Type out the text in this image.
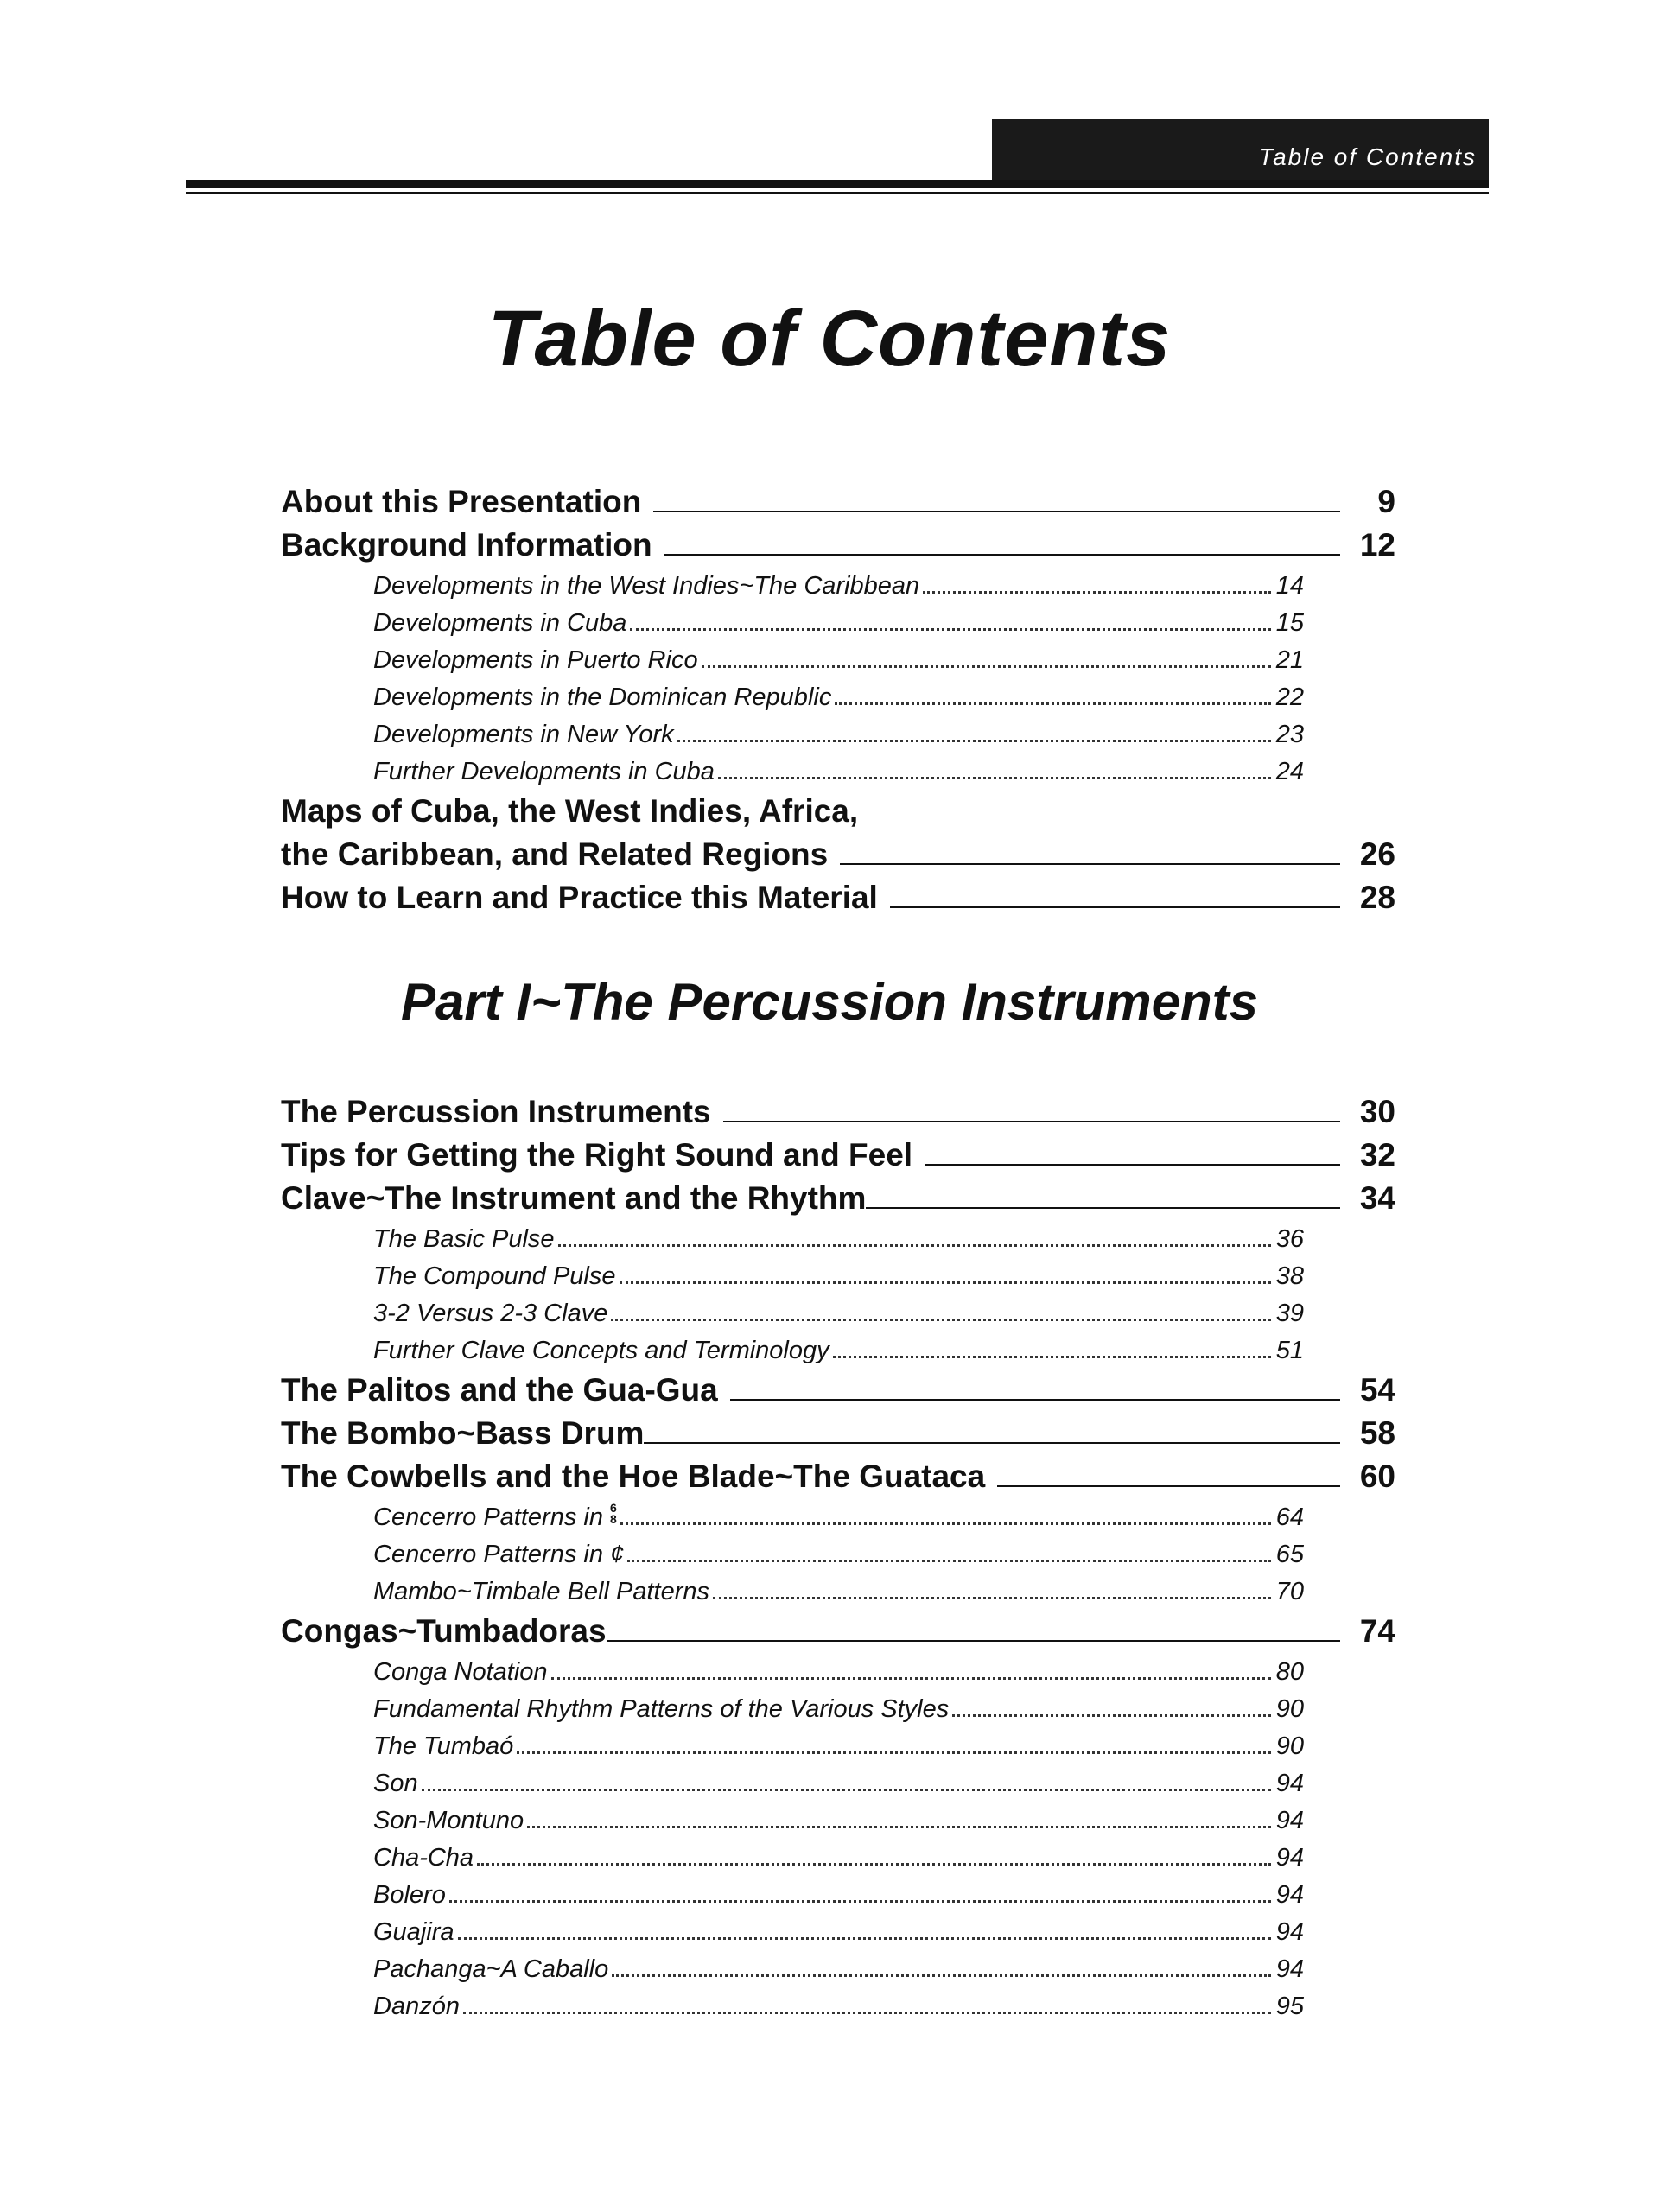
Table of Contents
Table of Contents
About this Presentation	9
Background Information	12
Developments in the West Indies~The Caribbean	14
Developments in Cuba	15
Developments in Puerto Rico	21
Developments in the Dominican Republic	22
Developments in New York	23
Further Developments in Cuba	24
Maps of Cuba, the West Indies, Africa,
the Caribbean, and Related Regions	26
How to Learn and Practice this Material	28
Part I~The Percussion Instruments
The Percussion Instruments	30
Tips for Getting the Right Sound and Feel	32
Clave~The Instrument and the Rhythm	34
The Basic Pulse	36
The Compound Pulse	38
3-2 Versus 2-3 Clave	39
Further Clave Concepts and Terminology	51
The Palitos and the Gua-Gua	54
The Bombo~Bass Drum	58
The Cowbells and the Hoe Blade~The Guataca	60
Cencerro Patterns in 6
8	64
Cencerro Patterns in ¢	65
Mambo~Timbale Bell Patterns	70
Congas~Tumbadoras	74
Conga Notation	80
Fundamental Rhythm Patterns of the Various Styles	90
The Tumbaó	90
Son	94
Son-Montuno	94
Cha-Cha	94
Bolero	94
Guajira	94
Pachanga~A Caballo	94
Danzón	95
